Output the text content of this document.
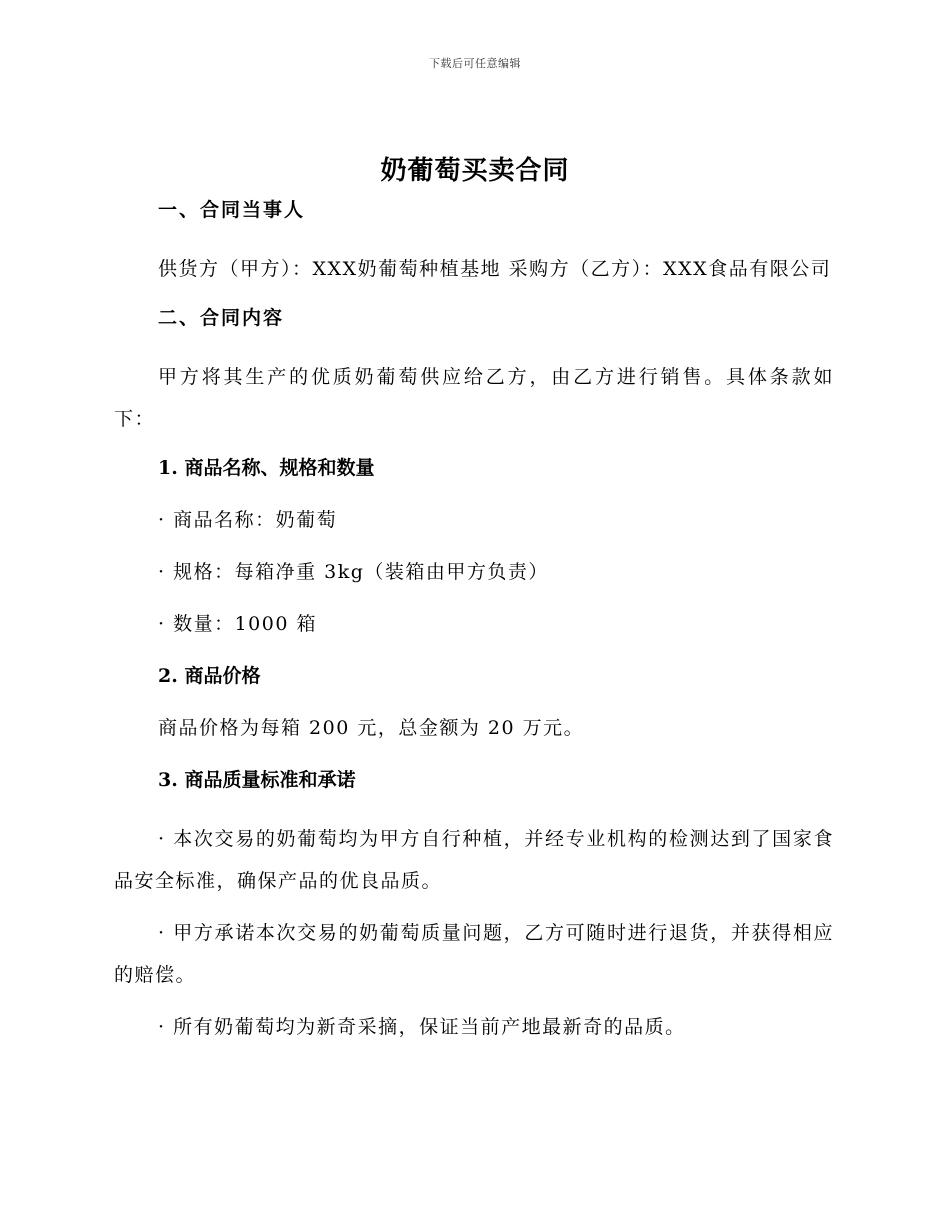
下载后可任意编辑
奶葡萄买卖合同
一、合同当事人
供货方（甲方）：XXX奶葡萄种植基地 采购方（乙方）：XXX食品有限公司
二、合同内容
甲方将其生产的优质奶葡萄供应给乙方，由乙方进行销售。具体条款如下：
1. 商品名称、规格和数量
· 商品名称：奶葡萄
· 规格：每箱净重 3kg（装箱由甲方负责）
· 数量：1000 箱
2. 商品价格
商品价格为每箱 200 元，总金额为 20 万元。
3. 商品质量标准和承诺
· 本次交易的奶葡萄均为甲方自行种植，并经专业机构的检测达到了国家食品安全标准，确保产品的优良品质。
· 甲方承诺本次交易的奶葡萄质量问题，乙方可随时进行退货，并获得相应的赔偿。
· 所有奶葡萄均为新奇采摘，保证当前产地最新奇的品质。
